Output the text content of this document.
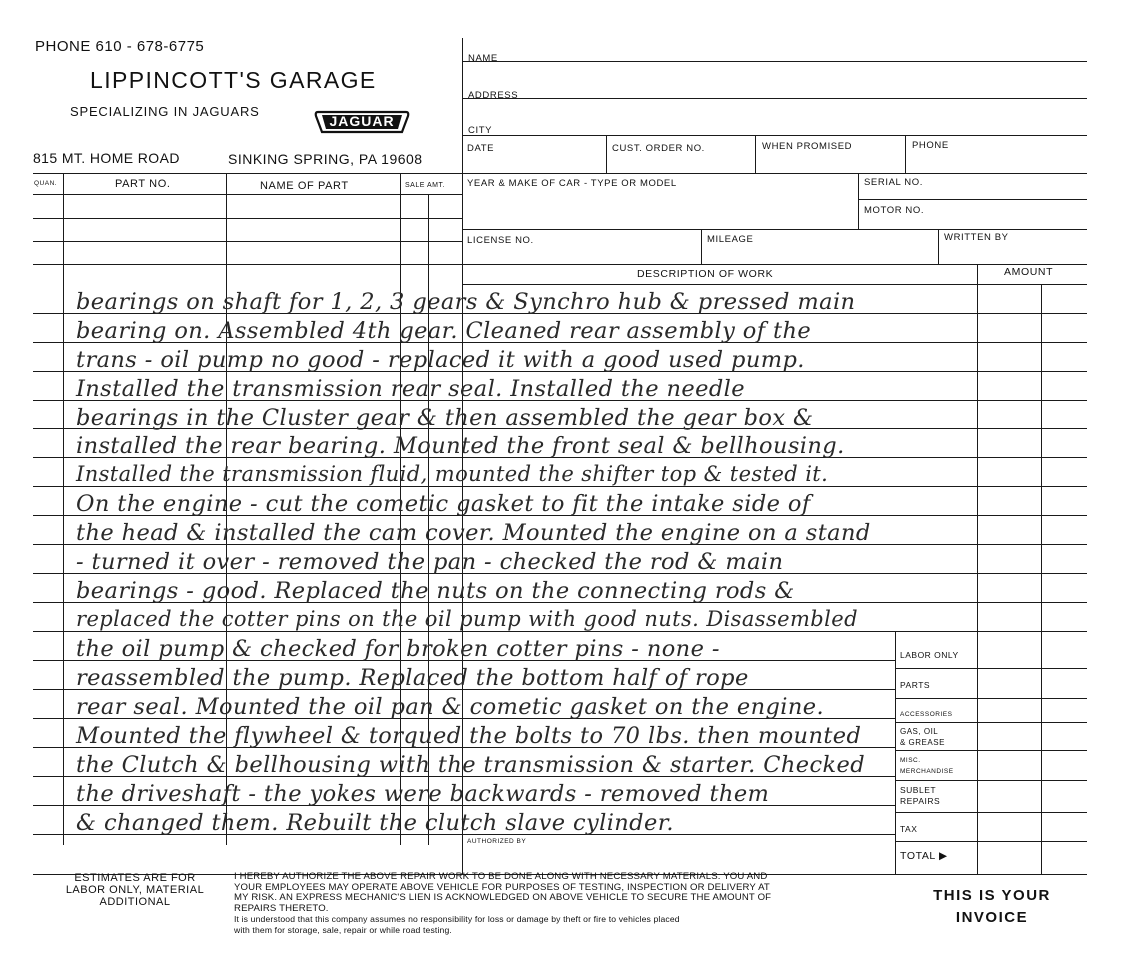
PHONE 610 - 678-6775
LIPPINCOTT'S GARAGE
SPECIALIZING IN JAGUARS
JAGUAR
815 MT. HOME ROAD	SINKING SPRING, PA 19608
NAME
ADDRESS
CITY
DATE	CUST. ORDER NO.	WHEN PROMISED	PHONE
YEAR & MAKE OF CAR - TYPE OR MODEL	SERIAL NO.
MOTOR NO.
LICENSE NO.	MILEAGE	WRITTEN BY
DESCRIPTION OF WORK	AMOUNT
QUAN.	PART NO.	NAME OF PART	SALE AMT.
LABOR ONLY
PARTS
ACCESSORIES
GAS, OIL
& GREASE
MISC.
MERCHANDISE
SUBLET
REPAIRS
TAX
TOTAL ▶
AUTHORIZED BY
bearings on shaft for 1, 2, 3 gears & Synchro hub & pressed main
bearing on. Assembled 4th gear. Cleaned rear assembly of the
trans - oil pump no good - replaced it with a good used pump.
Installed the transmission rear seal. Installed the needle
bearings in the Cluster gear & then assembled the gear box &
installed the rear bearing. Mounted the front seal & bellhousing.
Installed the transmission fluid, mounted the shifter top & tested it.
On the engine - cut the cometic gasket to fit the intake side of
the head & installed the cam cover. Mounted the engine on a stand
- turned it over - removed the pan - checked the rod & main
bearings - good. Replaced the nuts on the connecting rods &
replaced the cotter pins on the oil pump with good nuts. Disassembled
the oil pump & checked for broken cotter pins - none -
reassembled the pump. Replaced the bottom half of rope
rear seal. Mounted the oil pan & cometic gasket on the engine.
Mounted the flywheel & torqued the bolts to 70 lbs. then mounted
the Clutch & bellhousing with the transmission & starter. Checked
the driveshaft - the yokes were backwards - removed them
& changed them. Rebuilt the clutch slave cylinder.
ESTIMATES ARE FOR
LABOR ONLY, MATERIAL
ADDITIONAL
I HEREBY AUTHORIZE THE ABOVE REPAIR WORK TO BE DONE ALONG WITH NECESSARY MATERIALS. YOU AND
YOUR EMPLOYEES MAY OPERATE ABOVE VEHICLE FOR PURPOSES OF TESTING, INSPECTION OR DELIVERY AT
MY RISK. AN EXPRESS MECHANIC'S LIEN IS ACKNOWLEDGED ON ABOVE VEHICLE TO SECURE THE AMOUNT OF
REPAIRS THERETO.
It is understood that this company assumes no responsibility for loss or damage by theft or fire to vehicles placed
with them for storage, sale, repair or while road testing.
THIS IS YOUR
INVOICE
